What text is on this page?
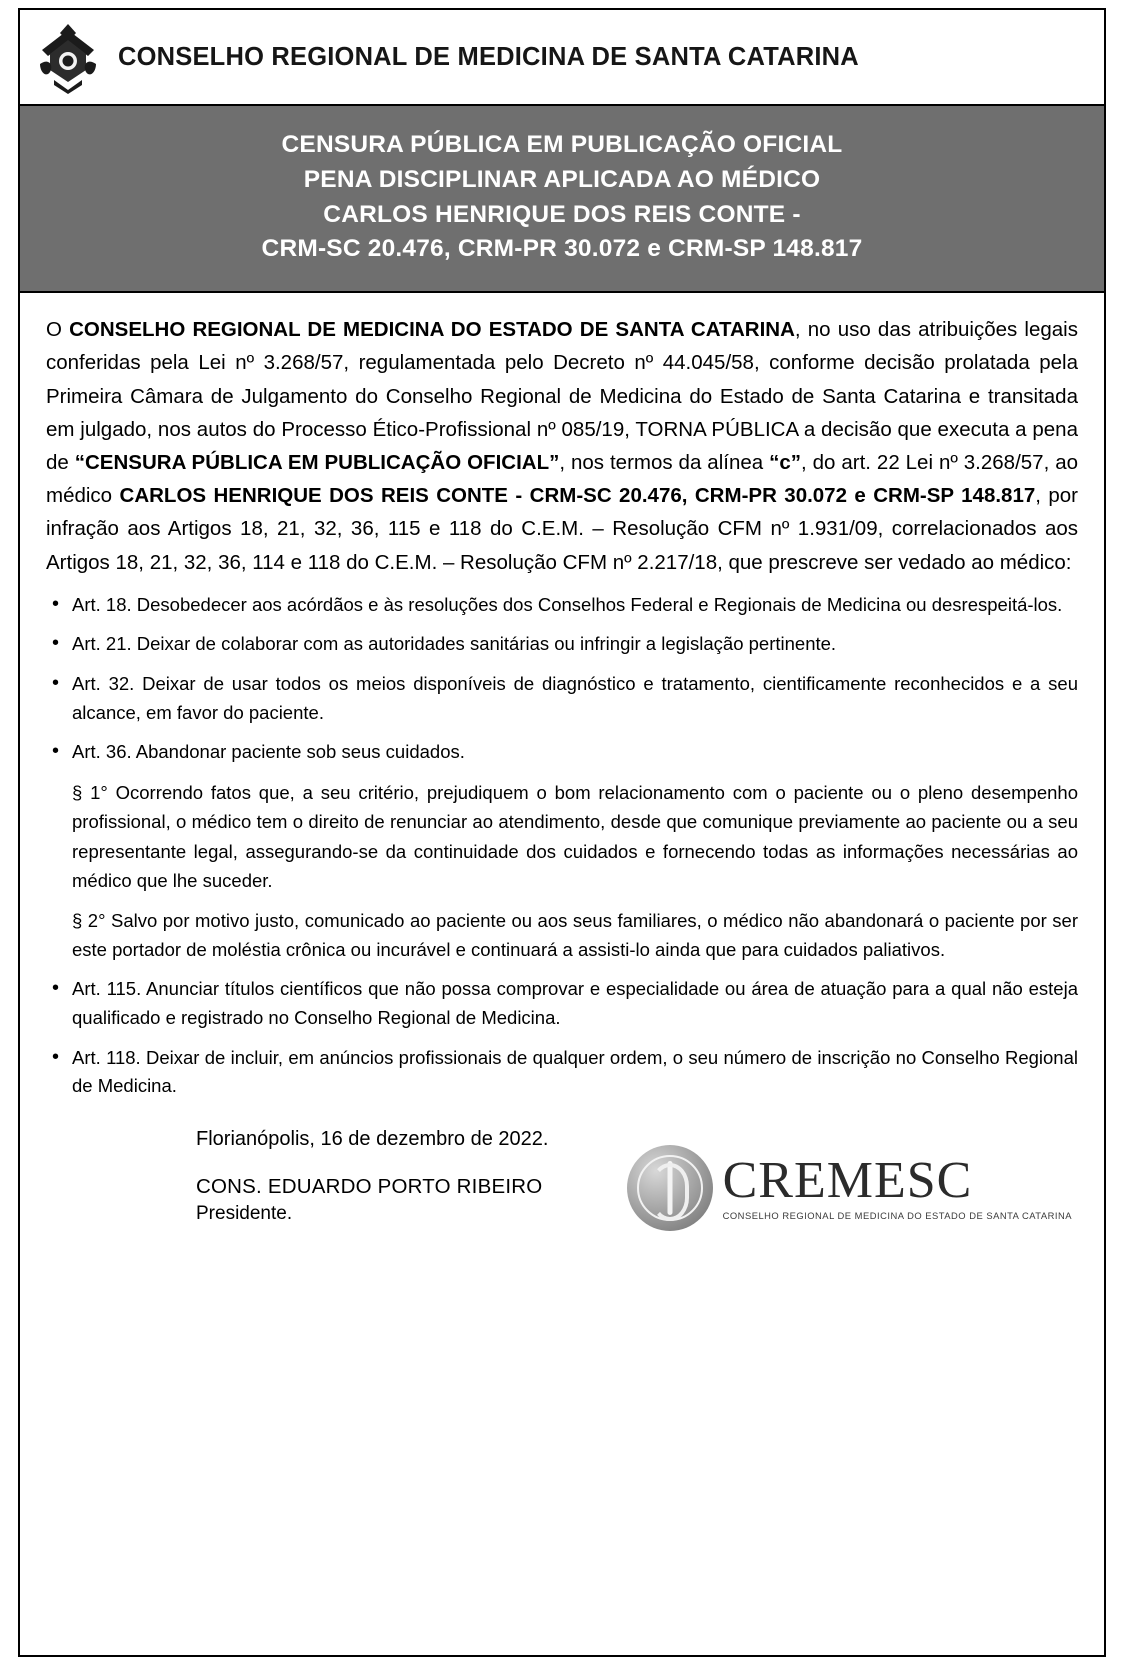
CONSELHO REGIONAL DE MEDICINA DE SANTA CATARINA
CENSURA PÚBLICA EM PUBLICAÇÃO OFICIAL
PENA DISCIPLINAR APLICADA AO MÉDICO
CARLOS HENRIQUE DOS REIS CONTE -
CRM-SC 20.476, CRM-PR 30.072 e CRM-SP 148.817

O CONSELHO REGIONAL DE MEDICINA DO ESTADO DE SANTA CATARINA, no uso das atribuições legais conferidas pela Lei nº 3.268/57, regulamentada pelo Decreto nº 44.045/58, conforme decisão prolatada pela Primeira Câmara de Julgamento do Conselho Regional de Medicina do Estado de Santa Catarina e transitada em julgado, nos autos do Processo Ético-Profissional nº 085/19, TORNA PÚBLICA a decisão que executa a pena de “CENSURA PÚBLICA EM PUBLICAÇÃO OFICIAL”, nos termos da alínea “c”, do art. 22 Lei nº 3.268/57, ao médico CARLOS HENRIQUE DOS REIS CONTE - CRM-SC 20.476, CRM-PR 30.072 e CRM-SP 148.817, por infração aos Artigos 18, 21, 32, 36, 115 e 118 do C.E.M. – Resolução CFM nº 1.931/09, correlacionados aos Artigos 18, 21, 32, 36, 114 e 118 do C.E.M. – Resolução CFM nº 2.217/18, que prescreve ser vedado ao médico:

• Art. 18. Desobedecer aos acórdãos e às resoluções dos Conselhos Federal e Regionais de Medicina ou desrespeitá-los.
• Art. 21. Deixar de colaborar com as autoridades sanitárias ou infringir a legislação pertinente.
• Art. 32. Deixar de usar todos os meios disponíveis de diagnóstico e tratamento, cientificamente reconhecidos e a seu alcance, em favor do paciente.
• Art. 36. Abandonar paciente sob seus cuidados.

§ 1° Ocorrendo fatos que, a seu critério, prejudiquem o bom relacionamento com o paciente ou o pleno desempenho profissional, o médico tem o direito de renunciar ao atendimento, desde que comunique previamente ao paciente ou a seu representante legal, assegurando-se da continuidade dos cuidados e fornecendo todas as informações necessárias ao médico que lhe suceder.

§ 2° Salvo por motivo justo, comunicado ao paciente ou aos seus familiares, o médico não abandonará o paciente por ser este portador de moléstia crônica ou incurável e continuará a assisti-lo ainda que para cuidados paliativos.

• Art. 115. Anunciar títulos científicos que não possa comprovar e especialidade ou área de atuação para a qual não esteja qualificado e registrado no Conselho Regional de Medicina.
• Art. 118. Deixar de incluir, em anúncios profissionais de qualquer ordem, o seu número de inscrição no Conselho Regional de Medicina.
Florianópolis, 16 de dezembro de 2022.
CONS. EDUARDO PORTO RIBEIRO
Presidente.
CREMESC
CONSELHO REGIONAL DE MEDICINA DO ESTADO DE SANTA CATARINA
